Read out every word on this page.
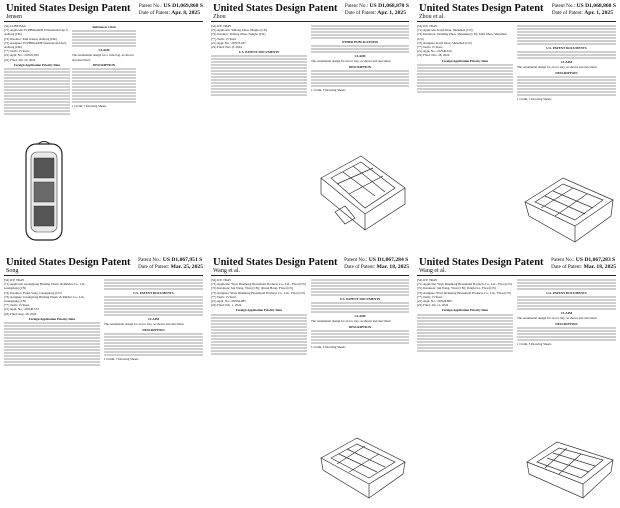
United States Design Patent
Jensen
Patent No.: US D1,069,868 S
Date of Patent: Apr. 8, 2025
(54) CUBE BAG
(71) Applicant: ECHBIGARIE International Ap S, Aalborg (DK)
(72) Inventor: Kim Jensen, Aalborg (DK)
(73) Assignee: ECHBIGARIE International ApS, Aalborg (DK)
(**) Term: 15 Years
(21) Appl. No.: 29/925,939
(22) Filed: Jan. 19, 2024
Foreign Application Priority Data
References Cited
CLAIM
The ornamental design for a cube bag, as shown and described.
DESCRIPTION
1 Claim, 7 Drawing Sheets
United States Design Patent
Zhou
Patent No.: US D1,068,870 S
Date of Patent: Apr. 1, 2025
(54) ICE TRAY
(71) Applicant: Yuhong Zhou, Ningbo (CN)
(72) Inventor: Yuhong Zhou, Ningbo (CN)
(**) Term: 15 Years
(21) Appl. No.: 29/972,447
(22) Filed: Nov. 8, 2024
U.S. PATENT DOCUMENTS
OTHER PUBLICATIONS
CLAIM
The ornamental design for an ice tray, as shown and described.
DESCRIPTION
1 Claim, 5 Drawing Sheets
United States Design Patent
Zhou et al.
Patent No.: US D1,068,868 S
Date of Patent: Apr. 1, 2025
(54) ICE TRAY
(71) Applicant: Kaijf Zhou, Shenzhen (CN)
(72) Inventors: Yanliang Zhou, Shenzhen (CN); Kaijf Zhou, Shenzhen (CN)
(73) Assignee: Kaijf Zhou, Shenzhen (CN)
(**) Term: 15 Years
(21) Appl. No.: 29/946,616
(22) Filed: Nov. 28, 2024
Foreign Application Priority Data
U.S. PATENT DOCUMENTS
CLAIM
The ornamental design for an ice tray, as shown and described.
DESCRIPTION
1 Claim, 7 Drawing Sheets
United States Design Patent
Song
Patent No.: US D1,067,951 S
Date of Patent: Mar. 25, 2025
(54) ICE TRAY
(71) Applicant: Guangdong Haixing Plastic & Rubber Co., Ltd., Guangdong (CN)
(72) Inventor: Yadan Song, Guangdong (CN)
(73) Assignee: Guangdong Haixing Plastic & Rubber Co., Ltd., Guangdong (CN)
(**) Term: 15 Years
(21) Appl. No.: 29/948,534
(22) Filed: Aug. 26, 2024
Foreign Application Priority Data
U.S. PATENT DOCUMENTS
CLAIM
The ornamental design for an ice tray, as shown and described.
DESCRIPTION
1 Claim, 7 Drawing Sheets
United States Design Patent
Wang et al.
Patent No.: US D1,067,284 S
Date of Patent: Mar. 18, 2025
(54) ICE TRAY
(71) Applicant: Yiwu Dianhong Household Products Co., Ltd., Yiwu (CN)
(72) Inventors: Jun Wang, Yiwu (CN); Qiwen Hong, Yiwu (CN)
(73) Assignee: Yiwu Dianhong Household Products Co., Ltd., Yiwu (CN)
(**) Term: 15 Years
(21) Appl. No.: 29/954,685
(22) Filed: Feb. 1, 2024
Foreign Application Priority Data
U.S. PATENT DOCUMENTS
CLAIM
The ornamental design for an ice tray, as shown and described.
DESCRIPTION
1 Claim, 5 Drawing Sheets
United States Design Patent
Wang et al.
Patent No.: US D1,067,283 S
Date of Patent: Mar. 18, 2025
(54) ICE TRAY
(71) Applicant: Yiwu Dianhong Household Products Co., Ltd., Yiwu (CN)
(72) Inventors: Jun Wang, Yiwu (CN); Pengfei Li, Yiwu (CN)
(73) Assignee: Yiwu Dianhong Household Products Co., Ltd., Yiwu (CN)
(**) Term: 15 Years
(21) Appl. No.: 29/924,882
(22) Filed: Jan. 11, 2024
Foreign Application Priority Data
U.S. PATENT DOCUMENTS
CLAIM
The ornamental design for an ice tray, as shown and described.
DESCRIPTION
1 Claim, 5 Drawing Sheets
